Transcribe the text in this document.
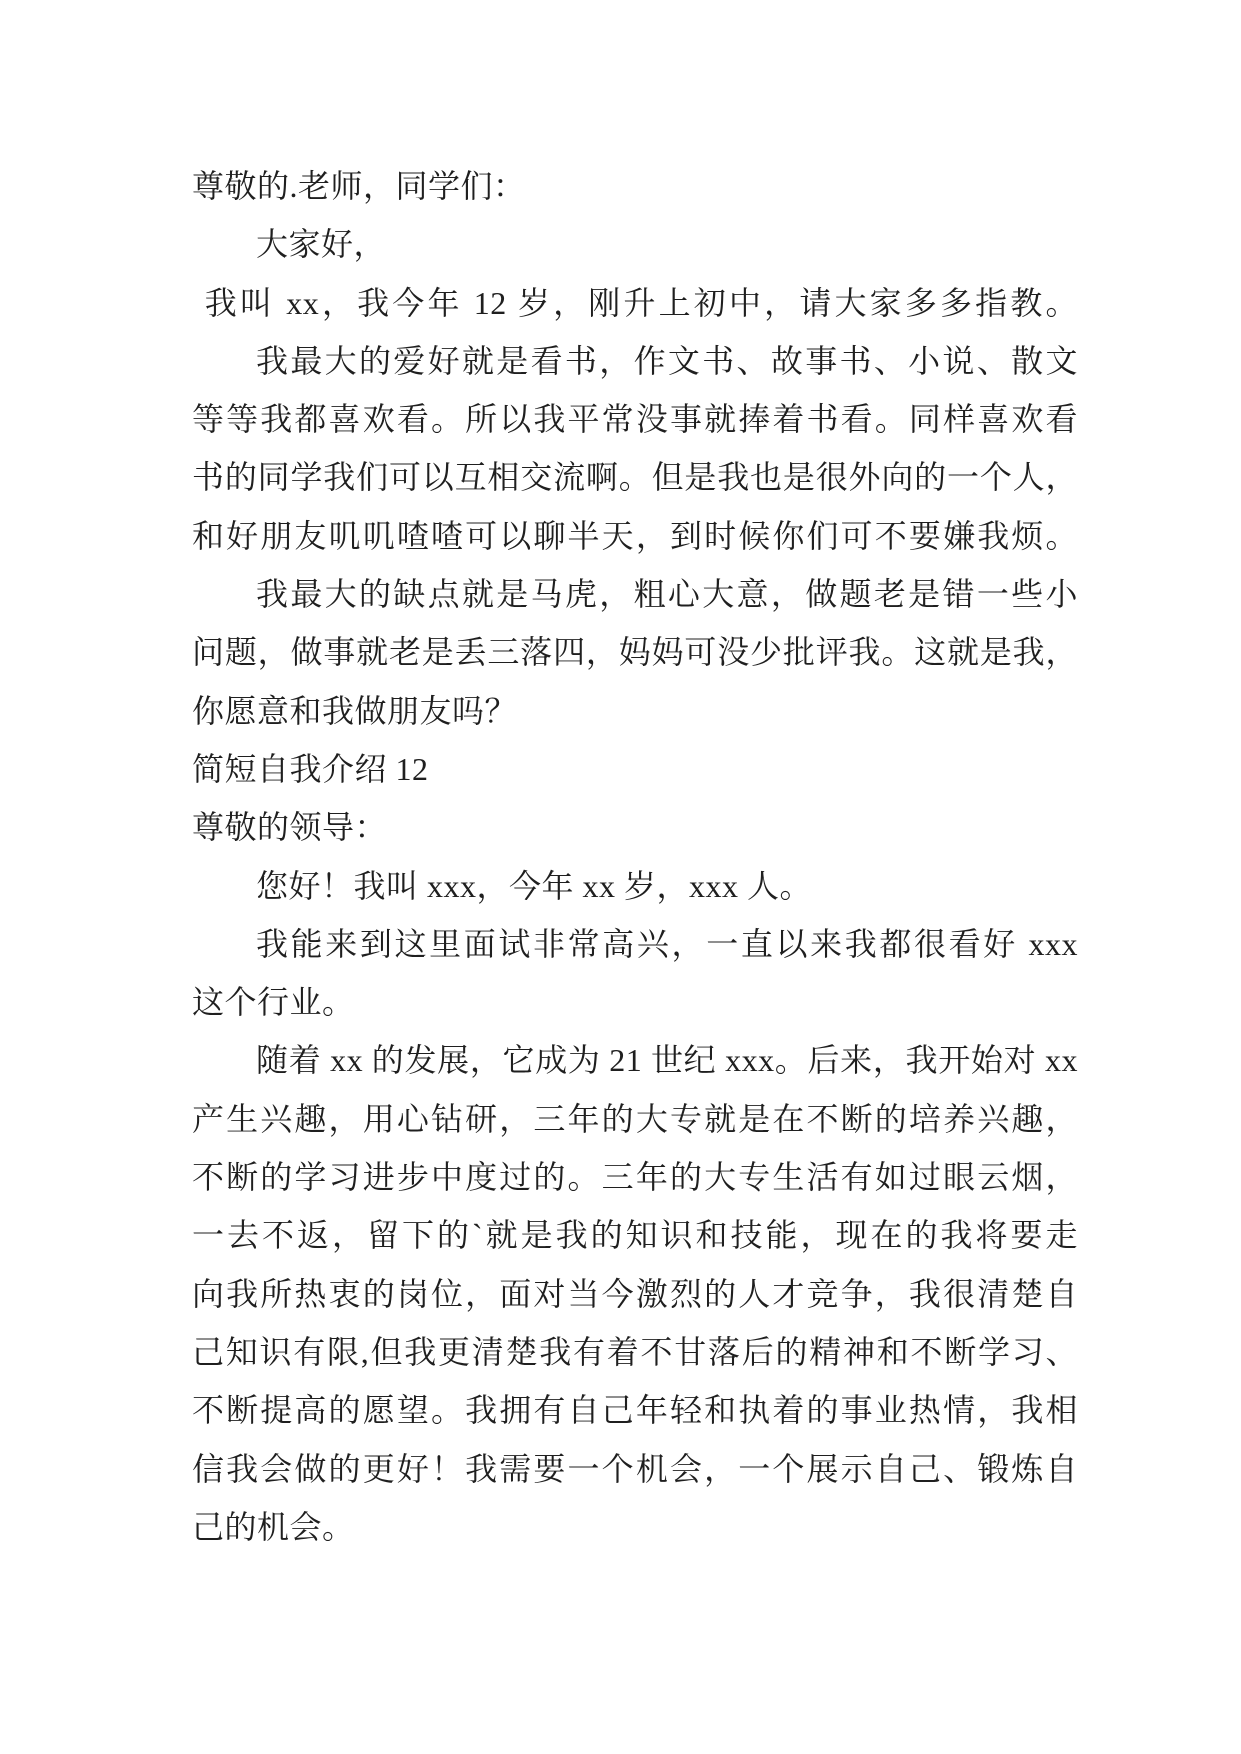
尊敬的.老师，同学们：
大家好，
我叫 xx，我今年 12 岁，刚升上初中，请大家多多指教。
我最大的爱好就是看书，作文书、故事书、小说、散文
等等我都喜欢看。所以我平常没事就捧着书看。同样喜欢看
书的同学我们可以互相交流啊。但是我也是很外向的一个人，
和好朋友叽叽喳喳可以聊半天，到时候你们可不要嫌我烦。
我最大的缺点就是马虎，粗心大意，做题老是错一些小
问题，做事就老是丢三落四，妈妈可没少批评我。这就是我，
你愿意和我做朋友吗？
简短自我介绍 12
尊敬的领导：
您好！我叫 xxx，今年 xx 岁，xxx 人。
我能来到这里面试非常高兴，一直以来我都很看好 xxx
这个行业。
随着 xx 的发展，它成为 21 世纪 xxx。后来，我开始对 xx
产生兴趣，用心钻研，三年的大专就是在不断的培养兴趣，
不断的学习进步中度过的。三年的大专生活有如过眼云烟，
一去不返，留下的`就是我的知识和技能，现在的我将要走
向我所热衷的岗位，面对当今激烈的人才竞争，我很清楚自
己知识有限,但我更清楚我有着不甘落后的精神和不断学习、
不断提高的愿望。我拥有自己年轻和执着的事业热情，我相
信我会做的更好！我需要一个机会，一个展示自己、锻炼自
己的机会。
